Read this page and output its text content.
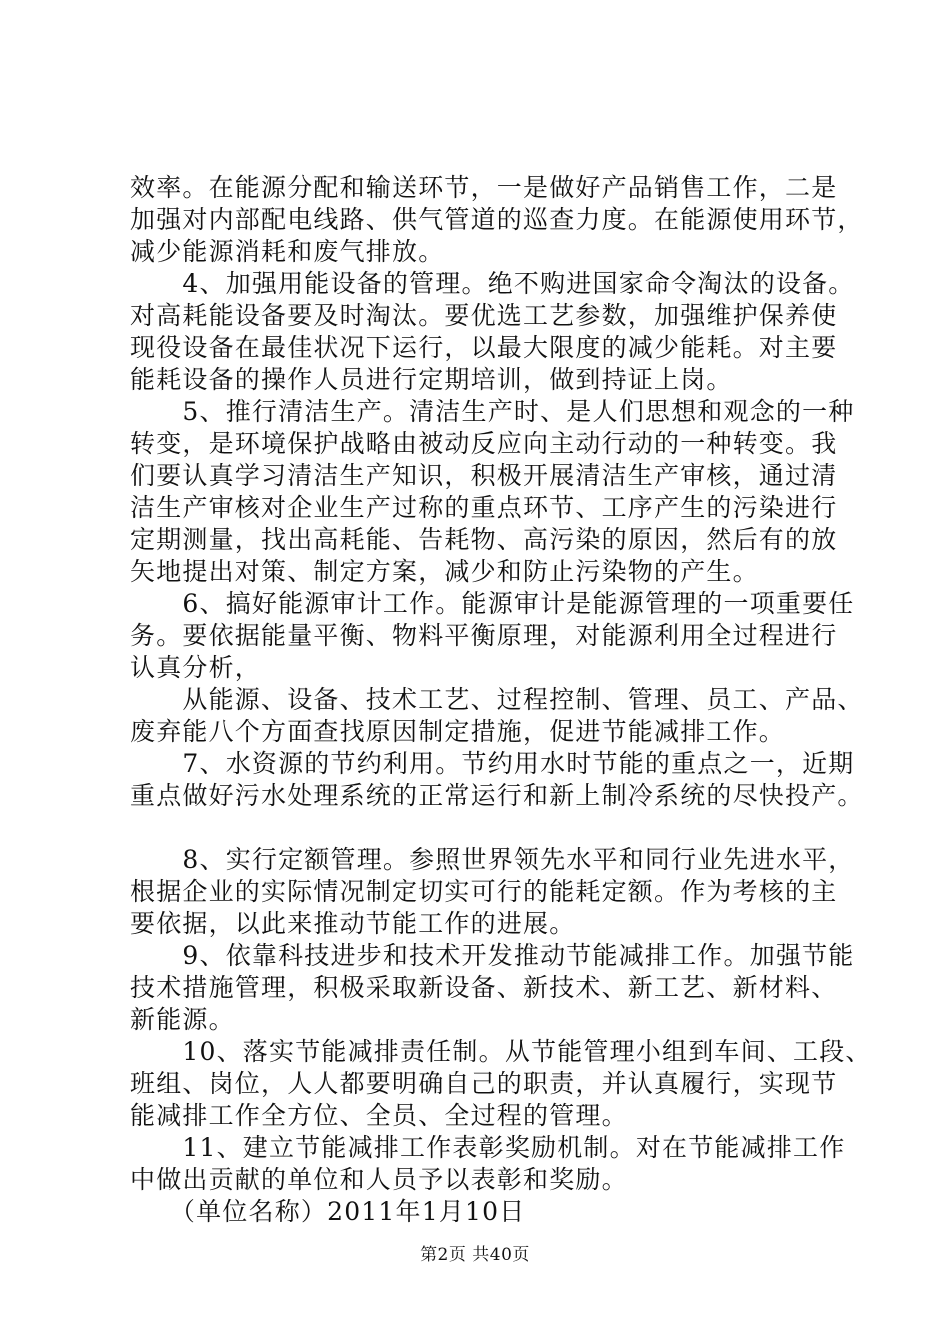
效率。在能源分配和输送环节，一是做好产品销售工作，二是
加强对内部配电线路、供气管道的巡查力度。在能源使用环节，
减少能源消耗和废气排放。
　　4、加强用能设备的管理。绝不购进国家命令淘汰的设备。
对高耗能设备要及时淘汰。要优选工艺参数，加强维护保养使
现役设备在最佳状况下运行，以最大限度的减少能耗。对主要
能耗设备的操作人员进行定期培训，做到持证上岗。
　　5、推行清洁生产。清洁生产时、是人们思想和观念的一种
转变，是环境保护战略由被动反应向主动行动的一种转变。我
们要认真学习清洁生产知识，积极开展清洁生产审核，通过清
洁生产审核对企业生产过称的重点环节、工序产生的污染进行
定期测量，找出高耗能、告耗物、高污染的原因，然后有的放
矢地提出对策、制定方案，减少和防止污染物的产生。
　　6、搞好能源审计工作。能源审计是能源管理的一项重要任
务。要依据能量平衡、物料平衡原理，对能源利用全过程进行
认真分析，
　　从能源、设备、技术工艺、过程控制、管理、员工、产品、
废弃能八个方面查找原因制定措施，促进节能减排工作。
　　7、水资源的节约利用。节约用水时节能的重点之一，近期
重点做好污水处理系统的正常运行和新上制冷系统的尽快投产。
　　8、实行定额管理。参照世界领先水平和同行业先进水平，
根据企业的实际情况制定切实可行的能耗定额。作为考核的主
要依据，以此来推动节能工作的进展。
　　9、依靠科技进步和技术开发推动节能减排工作。加强节能
技术措施管理，积极采取新设备、新技术、新工艺、新材料、
新能源。
　　10、落实节能减排责任制。从节能管理小组到车间、工段、
班组、岗位，人人都要明确自己的职责，并认真履行，实现节
能减排工作全方位、全员、全过程的管理。
　　11、建立节能减排工作表彰奖励机制。对在节能减排工作
中做出贡献的单位和人员予以表彰和奖励。
　　（单位名称）2011年1月10日
第2页 共40页
